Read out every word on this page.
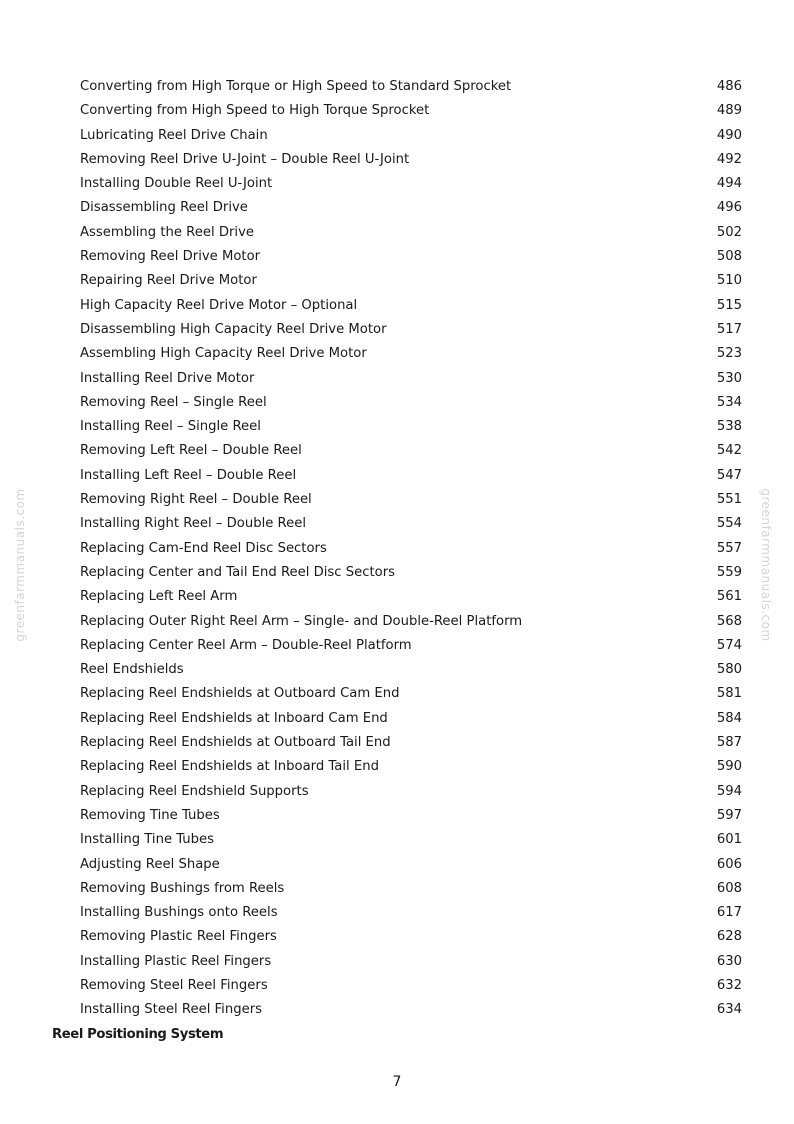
greenfarmmanuals.com	greenfarmmanuals.com
Converting from High Torque or High Speed to Standard Sprocket	486
Converting from High Speed to High Torque Sprocket	489
Lubricating Reel Drive Chain	490
Removing Reel Drive U-Joint – Double Reel U-Joint	492
Installing Double Reel U-Joint	494
Disassembling Reel Drive	496
Assembling the Reel Drive	502
Removing Reel Drive Motor	508
Repairing Reel Drive Motor	510
High Capacity Reel Drive Motor – Optional	515
Disassembling High Capacity Reel Drive Motor	517
Assembling High Capacity Reel Drive Motor	523
Installing Reel Drive Motor	530
Removing Reel – Single Reel	534
Installing Reel – Single Reel	538
Removing Left Reel – Double Reel	542
Installing Left Reel – Double Reel	547
Removing Right Reel – Double Reel	551
Installing Right Reel – Double Reel	554
Replacing Cam-End Reel Disc Sectors	557
Replacing Center and Tail End Reel Disc Sectors	559
Replacing Left Reel Arm	561
Replacing Outer Right Reel Arm – Single- and Double-Reel Platform	568
Replacing Center Reel Arm – Double-Reel Platform	574
Reel Endshields	580
Replacing Reel Endshields at Outboard Cam End	581
Replacing Reel Endshields at Inboard Cam End	584
Replacing Reel Endshields at Outboard Tail End	587
Replacing Reel Endshields at Inboard Tail End	590
Replacing Reel Endshield Supports	594
Removing Tine Tubes	597
Installing Tine Tubes	601
Adjusting Reel Shape	606
Removing Bushings from Reels	608
Installing Bushings onto Reels	617
Removing Plastic Reel Fingers	628
Installing Plastic Reel Fingers	630
Removing Steel Reel Fingers	632
Installing Steel Reel Fingers	634
Reel Positioning System
7
